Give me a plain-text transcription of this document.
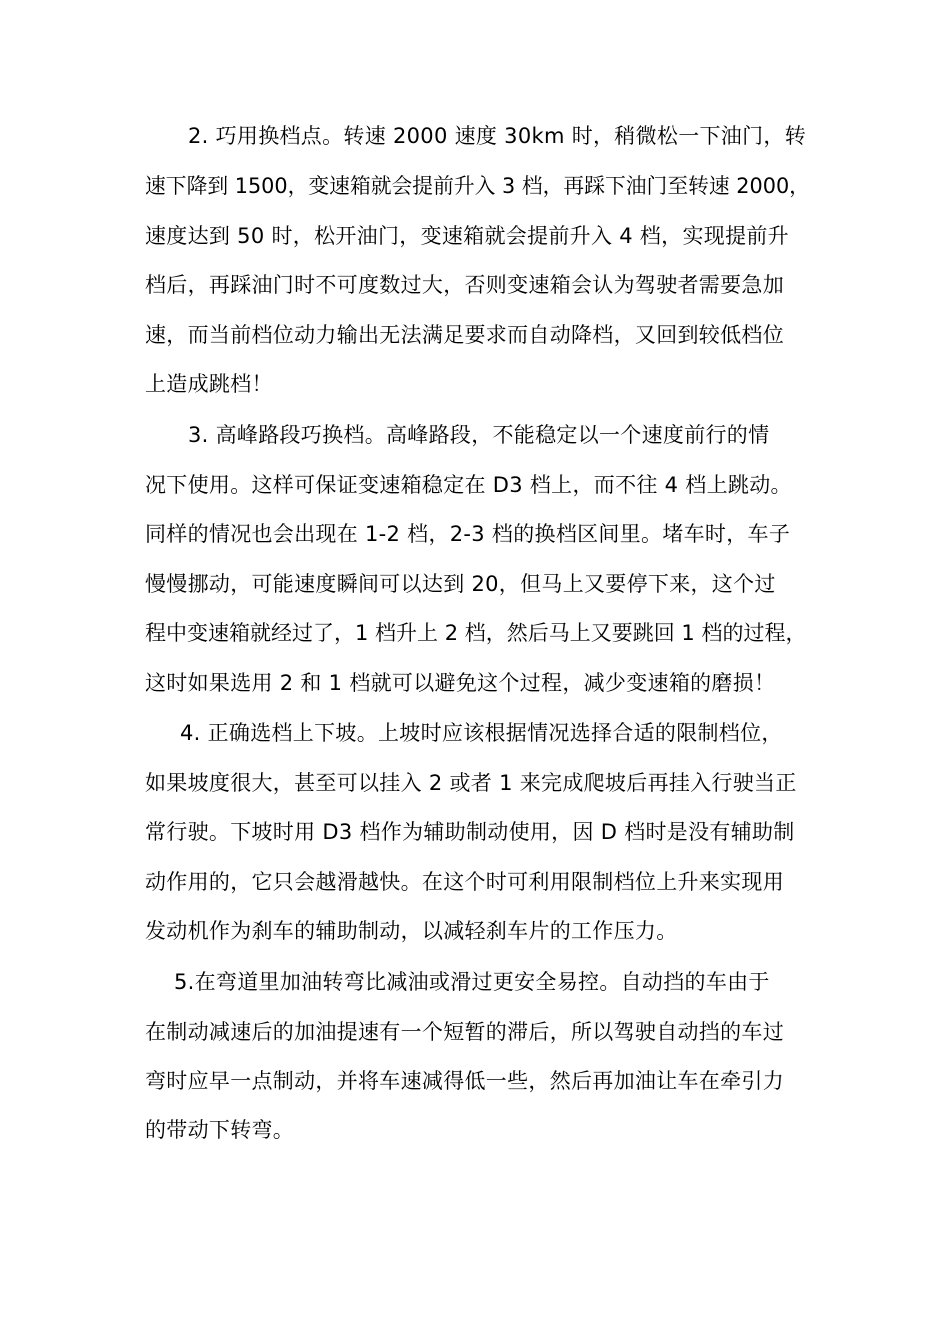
2. 巧用换档点。转速 2000 速度 30km 时，稍微松一下油门，转

速下降到 1500，变速箱就会提前升入 3 档，再踩下油门至转速 2000，

速度达到 50 时，松开油门，变速箱就会提前升入 4 档，实现提前升

档后，再踩油门时不可度数过大，否则变速箱会认为驾驶者需要急加

速，而当前档位动力输出无法满足要求而自动降档，又回到较低档位

上造成跳档！

3. 高峰路段巧换档。高峰路段，不能稳定以一个速度前行的情

况下使用。这样可保证变速箱稳定在 D3 档上，而不往 4 档上跳动。

同样的情况也会出现在 1-2 档，2-3 档的换档区间里。堵车时，车子

慢慢挪动，可能速度瞬间可以达到 20，但马上又要停下来，这个过

程中变速箱就经过了，1 档升上 2 档，然后马上又要跳回 1 档的过程，

这时如果选用 2 和 1 档就可以避免这个过程，减少变速箱的磨损！

4. 正确选档上下坡。上坡时应该根据情况选择合适的限制档位，

如果坡度很大，甚至可以挂入 2 或者 1 来完成爬坡后再挂入行驶当正

常行驶。下坡时用 D3 档作为辅助制动使用，因 D 档时是没有辅助制

动作用的，它只会越滑越快。在这个时可利用限制档位上升来实现用

发动机作为刹车的辅助制动，以减轻刹车片的工作压力。

5.在弯道里加油转弯比减油或滑过更安全易控。自动挡的车由于

在制动减速后的加油提速有一个短暂的滞后，所以驾驶自动挡的车过

弯时应早一点制动，并将车速减得低一些，然后再加油让车在牵引力

的带动下转弯。
